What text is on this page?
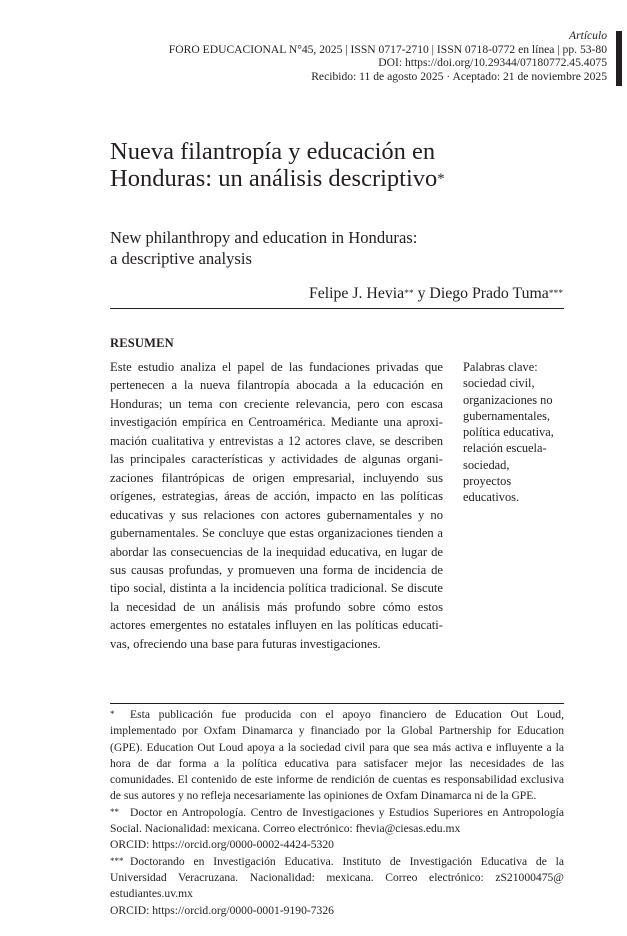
Artículo
FORO EDUCACIONAL N°45, 2025 | ISSN 0717-2710 | ISSN 0718-0772 en línea | pp. 53-80
DOI: https://doi.org/10.29344/07180772.45.4075
Recibido: 11 de agosto 2025 · Aceptado: 21 de noviembre 2025
Nueva filantropía y educación en
Honduras: un análisis descriptivo*
New philanthropy and education in Honduras:
a descriptive analysis
Felipe J. Hevia** y Diego Prado Tuma***
RESUMEN
Este estudio analiza el papel de las fundaciones privadas que pertenecen a la nueva filantropía abocada a la educación en Honduras; un tema con creciente relevancia, pero con escasa investigación empírica en Centroamérica. Mediante una aproximación cualitativa y entrevistas a 12 actores clave, se describen las principales características y actividades de algunas organizaciones filantrópicas de origen empresarial, incluyendo sus orígenes, estrategias, áreas de acción, impacto en las políticas educativas y sus relaciones con actores gubernamentales y no gubernamentales. Se concluye que estas organizaciones tienden a abordar las consecuencias de la inequidad educativa, en lugar de sus causas profundas, y promueven una forma de incidencia de tipo social, distinta a la incidencia política tradicional. Se discute la necesidad de un análisis más profundo sobre cómo estos actores emergentes no estatales influyen en las políticas educativas, ofreciendo una base para futuras investigaciones.
Palabras clave:
sociedad civil,
organizaciones no
gubernamentales,
política educativa,
relación escuela-
sociedad,
proyectos
educativos.

* Esta publicación fue producida con el apoyo financiero de Education Out Loud, implementado por Oxfam Dinamarca y financiado por la Global Partnership for Education (GPE). Education Out Loud apoya a la sociedad civil para que sea más activa e influyente a la hora de dar forma a la política educativa para satisfacer mejor las necesidades de las comunidades. El contenido de este informe de rendición de cuentas es responsabilidad exclusiva de sus autores y no refleja necesariamente las opiniones de Oxfam Dinamarca ni de la GPE.

** Doctor en Antropología. Centro de Investigaciones y Estudios Superiores en Antropología Social. Nacionalidad: mexicana. Correo electrónico: fhevia@ciesas.edu.mx
ORCID: https://orcid.org/0000-0002-4424-5320

*** Doctorando en Investigación Educativa. Instituto de Investigación Educativa de la Universidad Veracruzana. Nacionalidad: mexicana. Correo electrónico: zS21000475@ estudiantes.uv.mx
ORCID: https://orcid.org/0000-0001-9190-7326
